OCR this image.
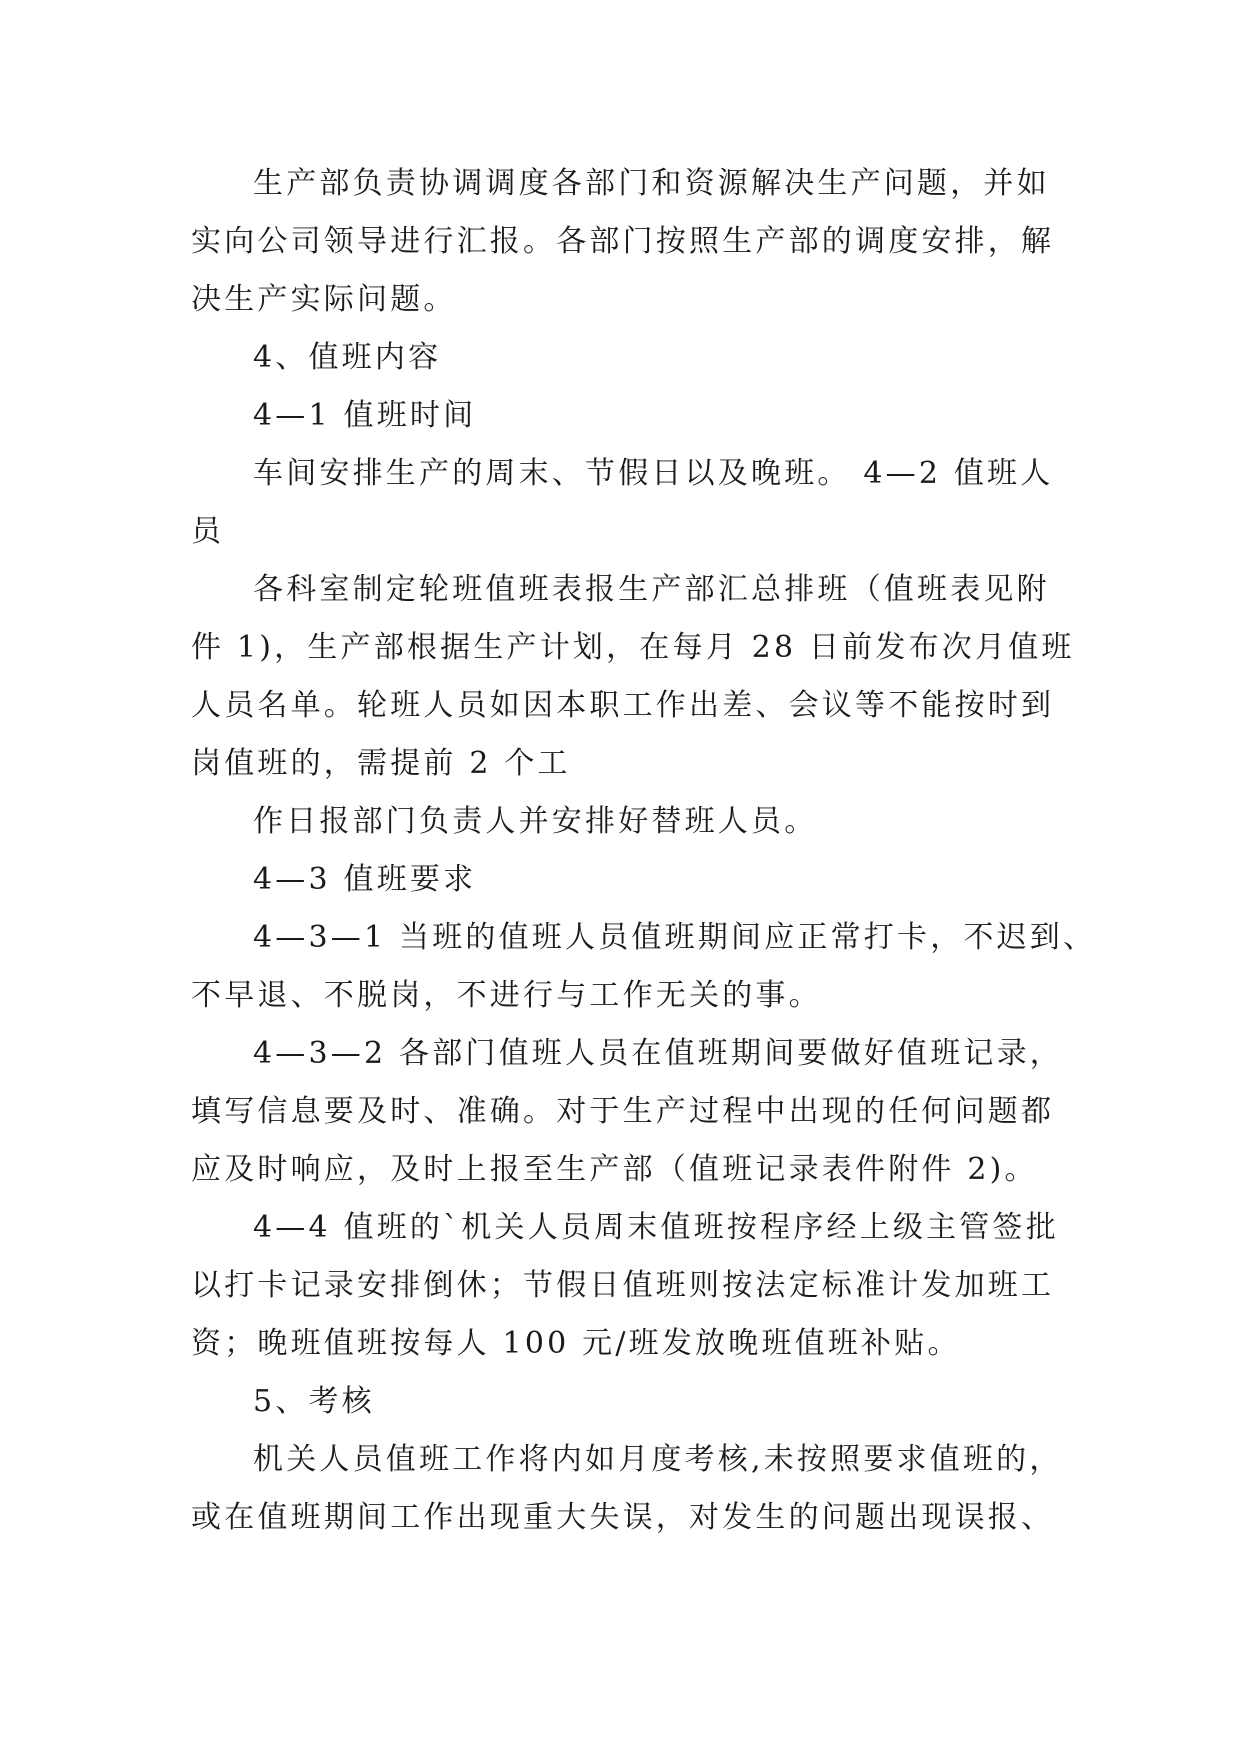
生产部负责协调调度各部门和资源解决生产问题，并如
实向公司领导进行汇报。各部门按照生产部的调度安排，解
决生产实际问题。
4、值班内容
4—1 值班时间
车间安排生产的周末、节假日以及晚班。 4—2 值班人
员
各科室制定轮班值班表报生产部汇总排班（值班表见附
件 1)，生产部根据生产计划，在每月 28 日前发布次月值班
人员名单。轮班人员如因本职工作出差、会议等不能按时到
岗值班的，需提前 2 个工
作日报部门负责人并安排好替班人员。
4—3 值班要求
4—3—1 当班的值班人员值班期间应正常打卡，不迟到、
不早退、不脱岗，不进行与工作无关的事。
4—3—2 各部门值班人员在值班期间要做好值班记录，
填写信息要及时、准确。对于生产过程中出现的任何问题都
应及时响应，及时上报至生产部（值班记录表件附件 2)。
4—4 值班的`机关人员周末值班按程序经上级主管签批
以打卡记录安排倒休；节假日值班则按法定标准计发加班工
资；晚班值班按每人 100 元/班发放晚班值班补贴。
5、考核
机关人员值班工作将内如月度考核,未按照要求值班的，
或在值班期间工作出现重大失误，对发生的问题出现误报、
